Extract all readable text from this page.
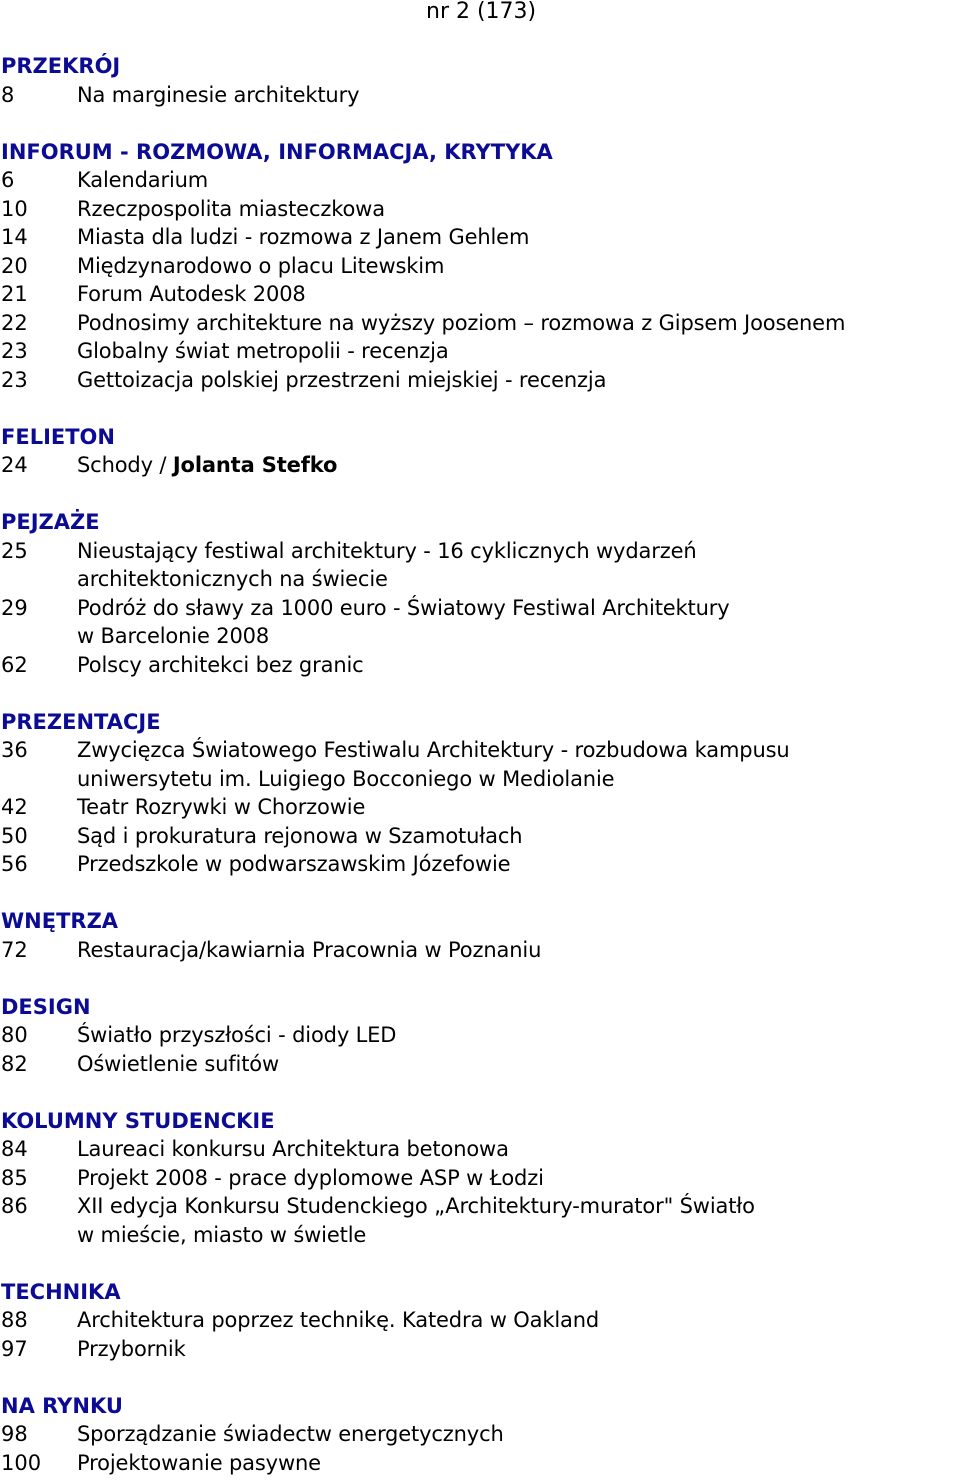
nr 2 (173)
PRZEKRÓJ
8	Na marginesie architektury
INFORUM - ROZMOWA, INFORMACJA, KRYTYKA
6	Kalendarium
10	Rzeczpospolita miasteczkowa
14	Miasta dla ludzi - rozmowa z Janem Gehlem
20	Międzynarodowo o placu Litewskim
21	Forum Autodesk 2008
22	Podnosimy architekture na wyższy poziom – rozmowa z Gipsem Joosenem
23	Globalny świat metropolii - recenzja
23	Gettoizacja polskiej przestrzeni miejskiej - recenzja
FELIETON
24	Schody / Jolanta Stefko
PEJZAŻE
25	Nieustający festiwal architektury - 16 cyklicznych wydarzeń
architektonicznych na świecie
29	Podróż do sławy za 1000 euro - Światowy Festiwal Architektury
w Barcelonie 2008
62	Polscy architekci bez granic
PREZENTACJE
36	Zwycięzca Światowego Festiwalu Architektury - rozbudowa kampusu
uniwersytetu im. Luigiego Bocconiego w Mediolanie
42	Teatr Rozrywki w Chorzowie
50	Sąd i prokuratura rejonowa w Szamotułach
56	Przedszkole w podwarszawskim Józefowie
WNĘTRZA
72	Restauracja/kawiarnia Pracownia w Poznaniu
DESIGN
80	Światło przyszłości - diody LED
82	Oświetlenie sufitów
KOLUMNY STUDENCKIE
84	Laureaci konkursu Architektura betonowa
85	Projekt 2008 - prace dyplomowe ASP w Łodzi
86	XII edycja Konkursu Studenckiego „Architektury-murator" Światło
w mieście, miasto w świetle
TECHNIKA
88	Architektura poprzez technikę. Katedra w Oakland
97	Przybornik
NA RYNKU
98	Sporządzanie świadectw energetycznych
100	Projektowanie pasywne
